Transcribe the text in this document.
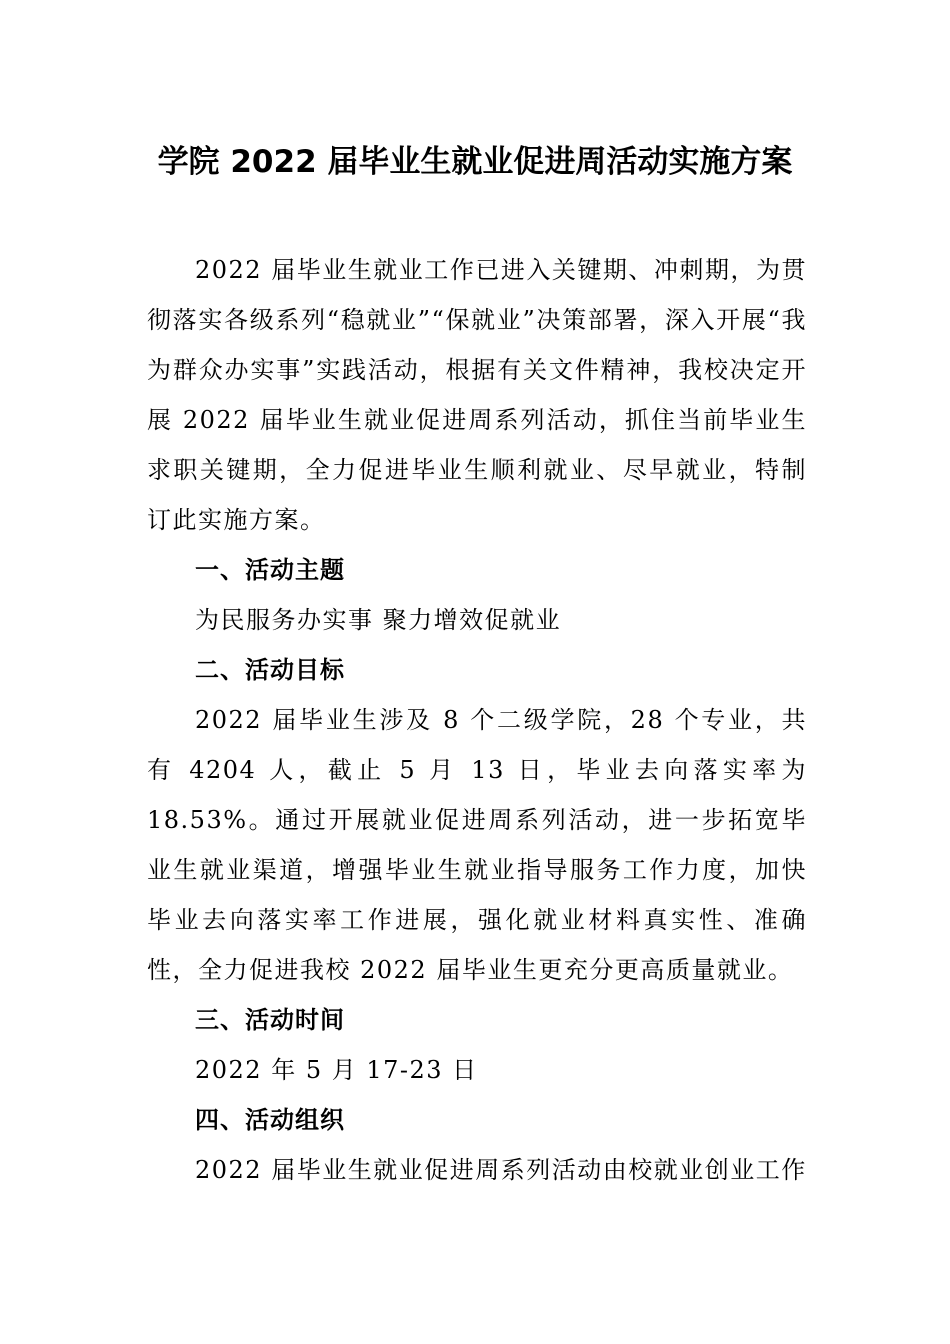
学院 2022 届毕业生就业促进周活动实施方案

2022 届毕业生就业工作已进入关键期、冲刺期，为贯彻落实各级系列“稳就业”“保就业”决策部署，深入开展“我为群众办实事”实践活动，根据有关文件精神，我校决定开展 2022 届毕业生就业促进周系列活动，抓住当前毕业生求职关键期，全力促进毕业生顺利就业、尽早就业，特制订此实施方案。

一、活动主题

为民服务办实事 聚力增效促就业

二、活动目标

2022 届毕业生涉及 8 个二级学院，28 个专业，共有 4204 人，截止 5 月 13 日，毕业去向落实率为 18.53%。通过开展就业促进周系列活动，进一步拓宽毕业生就业渠道，增强毕业生就业指导服务工作力度，加快毕业去向落实率工作进展，强化就业材料真实性、准确性，全力促进我校 2022 届毕业生更充分更高质量就业。

三、活动时间

2022 年 5 月 17-23 日

四、活动组织

2022 届毕业生就业促进周系列活动由校就业创业工作
